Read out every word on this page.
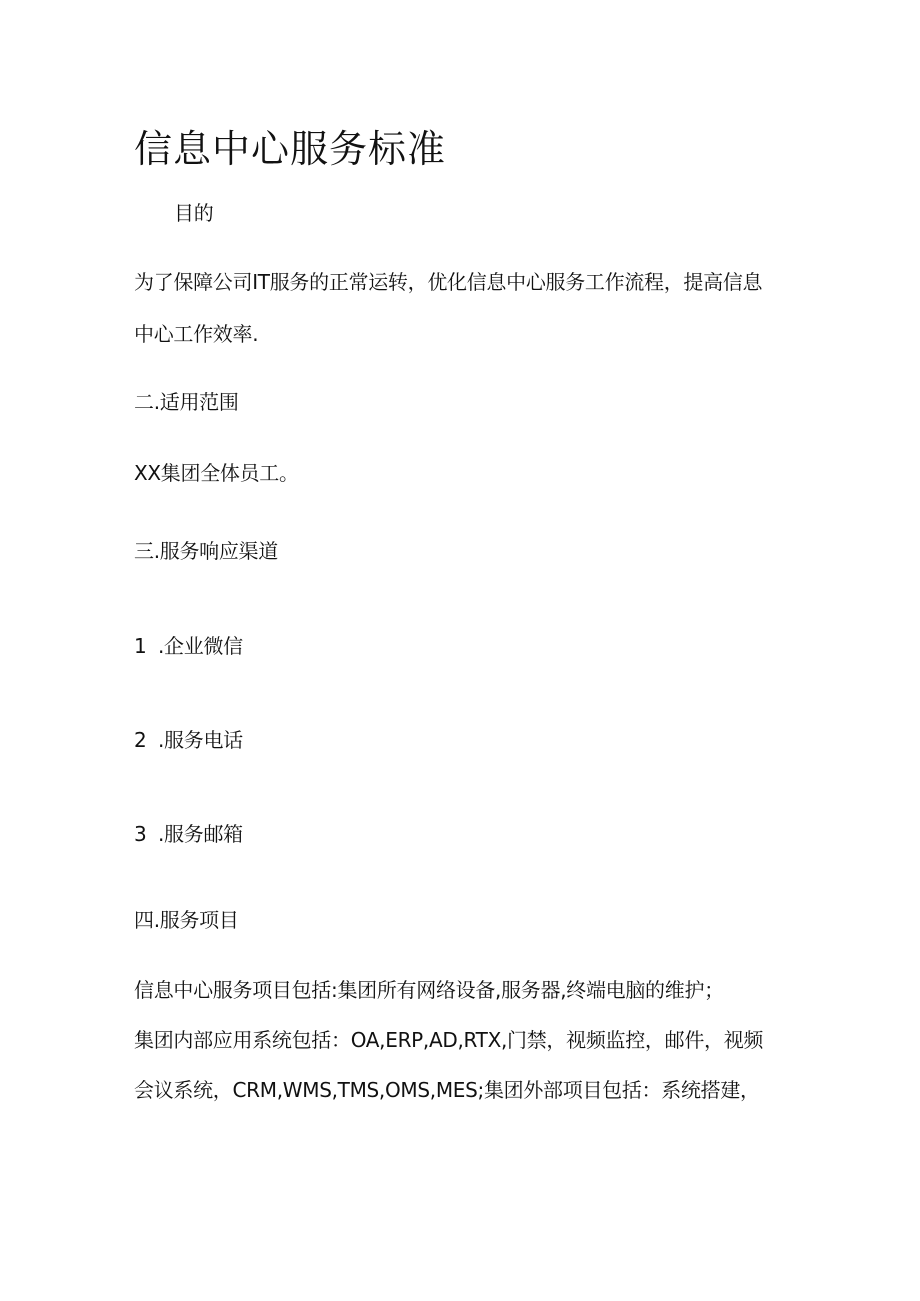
信息中心服务标准
目的
为了保障公司IT服务的正常运转，优化信息中心服务工作流程，提高信息
中心工作效率.
二.适用范围
XX集团全体员工。
三.服务响应渠道
1 .企业微信
2 .服务电话
3 .服务邮箱
四.服务项目
信息中心服务项目包括:集团所有网络设备,服务器,终端电脑的维护；
集团内部应用系统包括：OA,ERP,AD,RTX,门禁，视频监控，邮件，视频
会议系统，CRM,WMS,TMS,OMS,MES;集团外部项目包括：系统搭建，
